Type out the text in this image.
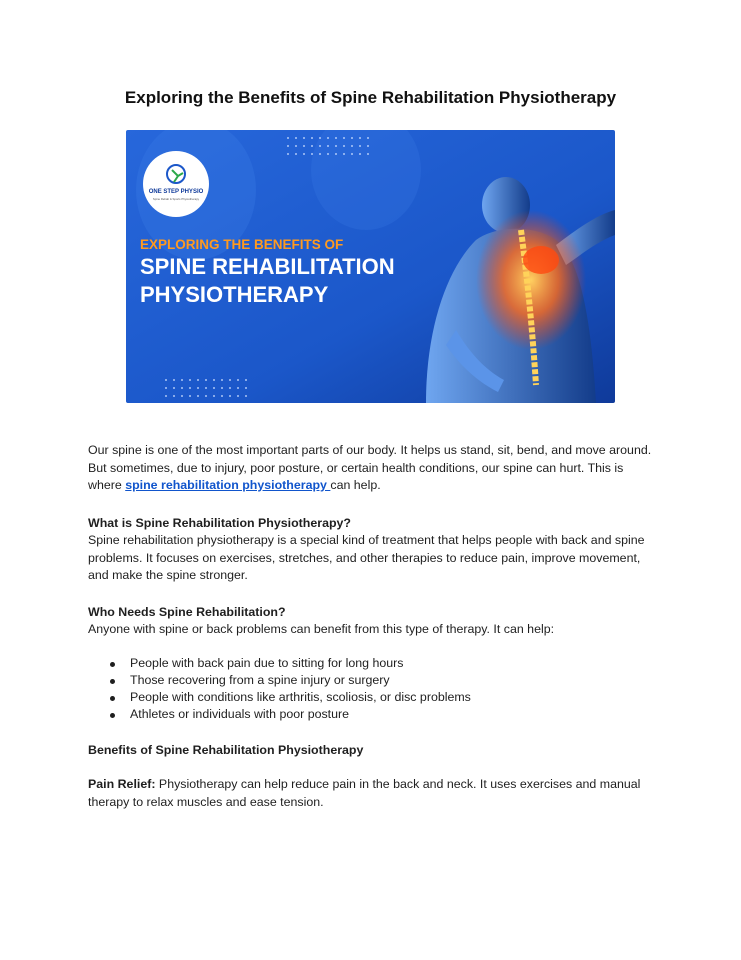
Exploring the Benefits of Spine Rehabilitation Physiotherapy
ONE STEP PHYSIO
Spine Rehab & Sports Physiotherapy
EXPLORING THE BENEFITS OF
SPINE REHABILITATION
PHYSIOTHERAPY
Our spine is one of the most important parts of our body. It helps us stand, sit, bend, and move around. But sometimes, due to injury, poor posture, or certain health conditions, our spine can hurt. This is where spine rehabilitation physiotherapy can help.
What is Spine Rehabilitation Physiotherapy?
Spine rehabilitation physiotherapy is a special kind of treatment that helps people with back and spine problems. It focuses on exercises, stretches, and other therapies to reduce pain, improve movement, and make the spine stronger.
Who Needs Spine Rehabilitation?
Anyone with spine or back problems can benefit from this type of therapy. It can help:
People with back pain due to sitting for long hours
Those recovering from a spine injury or surgery
People with conditions like arthritis, scoliosis, or disc problems
Athletes or individuals with poor posture
Benefits of Spine Rehabilitation Physiotherapy
Pain Relief: Physiotherapy can help reduce pain in the back and neck. It uses exercises and manual therapy to relax muscles and ease tension.
